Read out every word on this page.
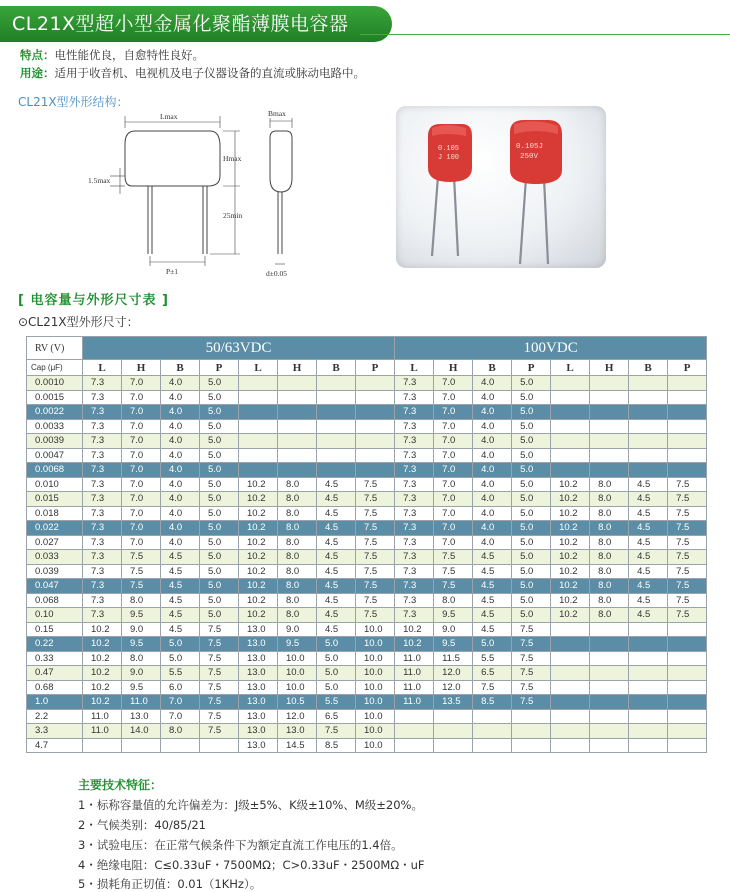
CL21X型超小型金属化聚酯薄膜电容器
特点：电性能优良，自愈特性良好。
用途：适用于收音机、电视机及电子仪器设备的直流或脉动电路中。
CL21X型外形结构：
Lmax
Hmax
25min
1.5max
P±1
Bmax
d±0.05
0.105
J 100
0.105J
250V
[ 电容量与外形尺寸表 ]
⊙CL21X型外形尺寸：
RV (V)	50/63VDC								100VDC							
Cap (μF)	L	H	B	P	L	H	B	P	L	H	B	P	L	H	B	P
0.0010	7.3	7.0	4.0	5.0					7.3	7.0	4.0	5.0				
0.0015	7.3	7.0	4.0	5.0					7.3	7.0	4.0	5.0				
0.0022	7.3	7.0	4.0	5.0					7.3	7.0	4.0	5.0				
0.0033	7.3	7.0	4.0	5.0					7.3	7.0	4.0	5.0				
0.0039	7.3	7.0	4.0	5.0					7.3	7.0	4.0	5.0				
0.0047	7.3	7.0	4.0	5.0					7.3	7.0	4.0	5.0				
0.0068	7.3	7.0	4.0	5.0					7.3	7.0	4.0	5.0				
0.010	7.3	7.0	4.0	5.0	10.2	8.0	4.5	7.5	7.3	7.0	4.0	5.0	10.2	8.0	4.5	7.5
0.015	7.3	7.0	4.0	5.0	10.2	8.0	4.5	7.5	7.3	7.0	4.0	5.0	10.2	8.0	4.5	7.5
0.018	7.3	7.0	4.0	5.0	10.2	8.0	4.5	7.5	7.3	7.0	4.0	5.0	10.2	8.0	4.5	7.5
0.022	7.3	7.0	4.0	5.0	10.2	8.0	4.5	7.5	7.3	7.0	4.0	5.0	10.2	8.0	4.5	7.5
0.027	7.3	7.0	4.0	5.0	10.2	8.0	4.5	7.5	7.3	7.0	4.0	5.0	10.2	8.0	4.5	7.5
0.033	7.3	7.5	4.5	5.0	10.2	8.0	4.5	7.5	7.3	7.5	4.5	5.0	10.2	8.0	4.5	7.5
0.039	7.3	7.5	4.5	5.0	10.2	8.0	4.5	7.5	7.3	7.5	4.5	5.0	10.2	8.0	4.5	7.5
0.047	7.3	7.5	4.5	5.0	10.2	8.0	4.5	7.5	7.3	7.5	4.5	5.0	10.2	8.0	4.5	7.5
0.068	7.3	8.0	4.5	5.0	10.2	8.0	4.5	7.5	7.3	8.0	4.5	5.0	10.2	8.0	4.5	7.5
0.10	7.3	9.5	4.5	5.0	10.2	8.0	4.5	7.5	7.3	9.5	4.5	5.0	10.2	8.0	4.5	7.5
0.15	10.2	9.0	4.5	7.5	13.0	9.0	4.5	10.0	10.2	9.0	4.5	7.5				
0.22	10.2	9.5	5.0	7.5	13.0	9.5	5.0	10.0	10.2	9.5	5.0	7.5				
0.33	10.2	8.0	5.0	7.5	13.0	10.0	5.0	10.0	11.0	11.5	5.5	7.5				
0.47	10.2	9.0	5.5	7.5	13.0	10.0	5.0	10.0	11.0	12.0	6.5	7.5				
0.68	10.2	9.5	6.0	7.5	13.0	10.0	5.0	10.0	11.0	12.0	7.5	7.5				
1.0	10.2	11.0	7.0	7.5	13.0	10.5	5.5	10.0	11.0	13.5	8.5	7.5				
2.2	11.0	13.0	7.0	7.5	13.0	12.0	6.5	10.0								
3.3	11.0	14.0	8.0	7.5	13.0	13.0	7.5	10.0								
4.7					13.0	14.5	8.5	10.0								
主要技术特征：
1・标称容量值的允许偏差为：J级±5%、K级±10%、M级±20%。
2・气候类别：40/85/21
3・试验电压：在正常气候条件下为额定直流工作电压的1.4倍。
4・绝缘电阻：C≤0.33uF・7500MΩ；C>0.33uF・2500MΩ・uF
5・损耗角正切值：0.01（1KHz）。
